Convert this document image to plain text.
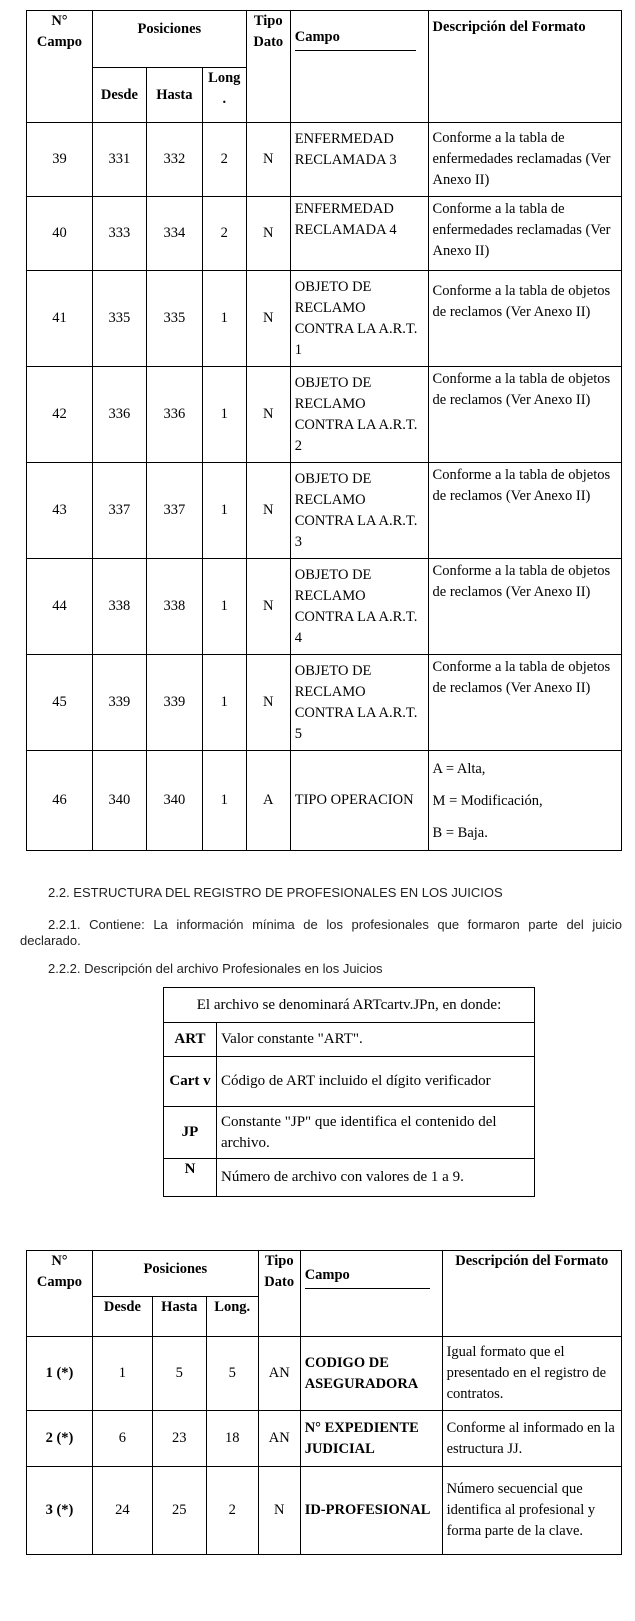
N° Campo	Posiciones			Tipo Dato	Campo	Descripción del Formato
	Desde	Hasta	Long .			
39	331	332	2	N	ENFERMEDAD RECLAMADA 3	Conforme a la tabla de enfermedades reclamadas (Ver Anexo II)
40	333	334	2	N	ENFERMEDAD RECLAMADA 4	Conforme a la tabla de enfermedades reclamadas (Ver Anexo II)
41	335	335	1	N	OBJETO DE RECLAMO CONTRA LA A.R.T. 1	Conforme a la tabla de objetos de reclamos (Ver Anexo II)
42	336	336	1	N	OBJETO DE RECLAMO CONTRA LA A.R.T. 2	Conforme a la tabla de objetos de reclamos (Ver Anexo II)
43	337	337	1	N	OBJETO DE RECLAMO CONTRA LA A.R.T. 3	Conforme a la tabla de objetos de reclamos (Ver Anexo II)
44	338	338	1	N	OBJETO DE RECLAMO CONTRA LA A.R.T. 4	Conforme a la tabla de objetos de reclamos (Ver Anexo II)
45	339	339	1	N	OBJETO DE RECLAMO CONTRA LA A.R.T. 5	Conforme a la tabla de objetos de reclamos (Ver Anexo II)
46	340	340	1	A	TIPO OPERACION	A = Alta,
M = Modificación,
B = Baja.
2.2. ESTRUCTURA DEL REGISTRO DE PROFESIONALES EN LOS JUICIOS
2.2.1. Contiene: La información mínima de los profesionales que formaron parte del juicio declarado.
2.2.2. Descripción del archivo Profesionales en los Juicios
El archivo se denominará ARTcartv.JPn, en donde:	
ART	Valor constante "ART".
Cart v	Código de ART incluido el dígito verificador
JP	Constante "JP" que identifica el contenido del archivo.
N	Número de archivo con valores de 1 a 9.
N° Campo	Posiciones			Tipo Dato	Campo	Descripción del Formato
	Desde	Hasta	Long.			
1 (*)	1	5	5	AN	CODIGO DE ASEGURADORA	Igual formato que el presentado en el registro de contratos.
2 (*)	6	23	18	AN	N° EXPEDIENTE JUDICIAL	Conforme al informado en la estructura JJ.
3 (*)	24	25	2	N	ID-PROFESIONAL	Número secuencial que identifica al profesional y forma parte de la clave.
